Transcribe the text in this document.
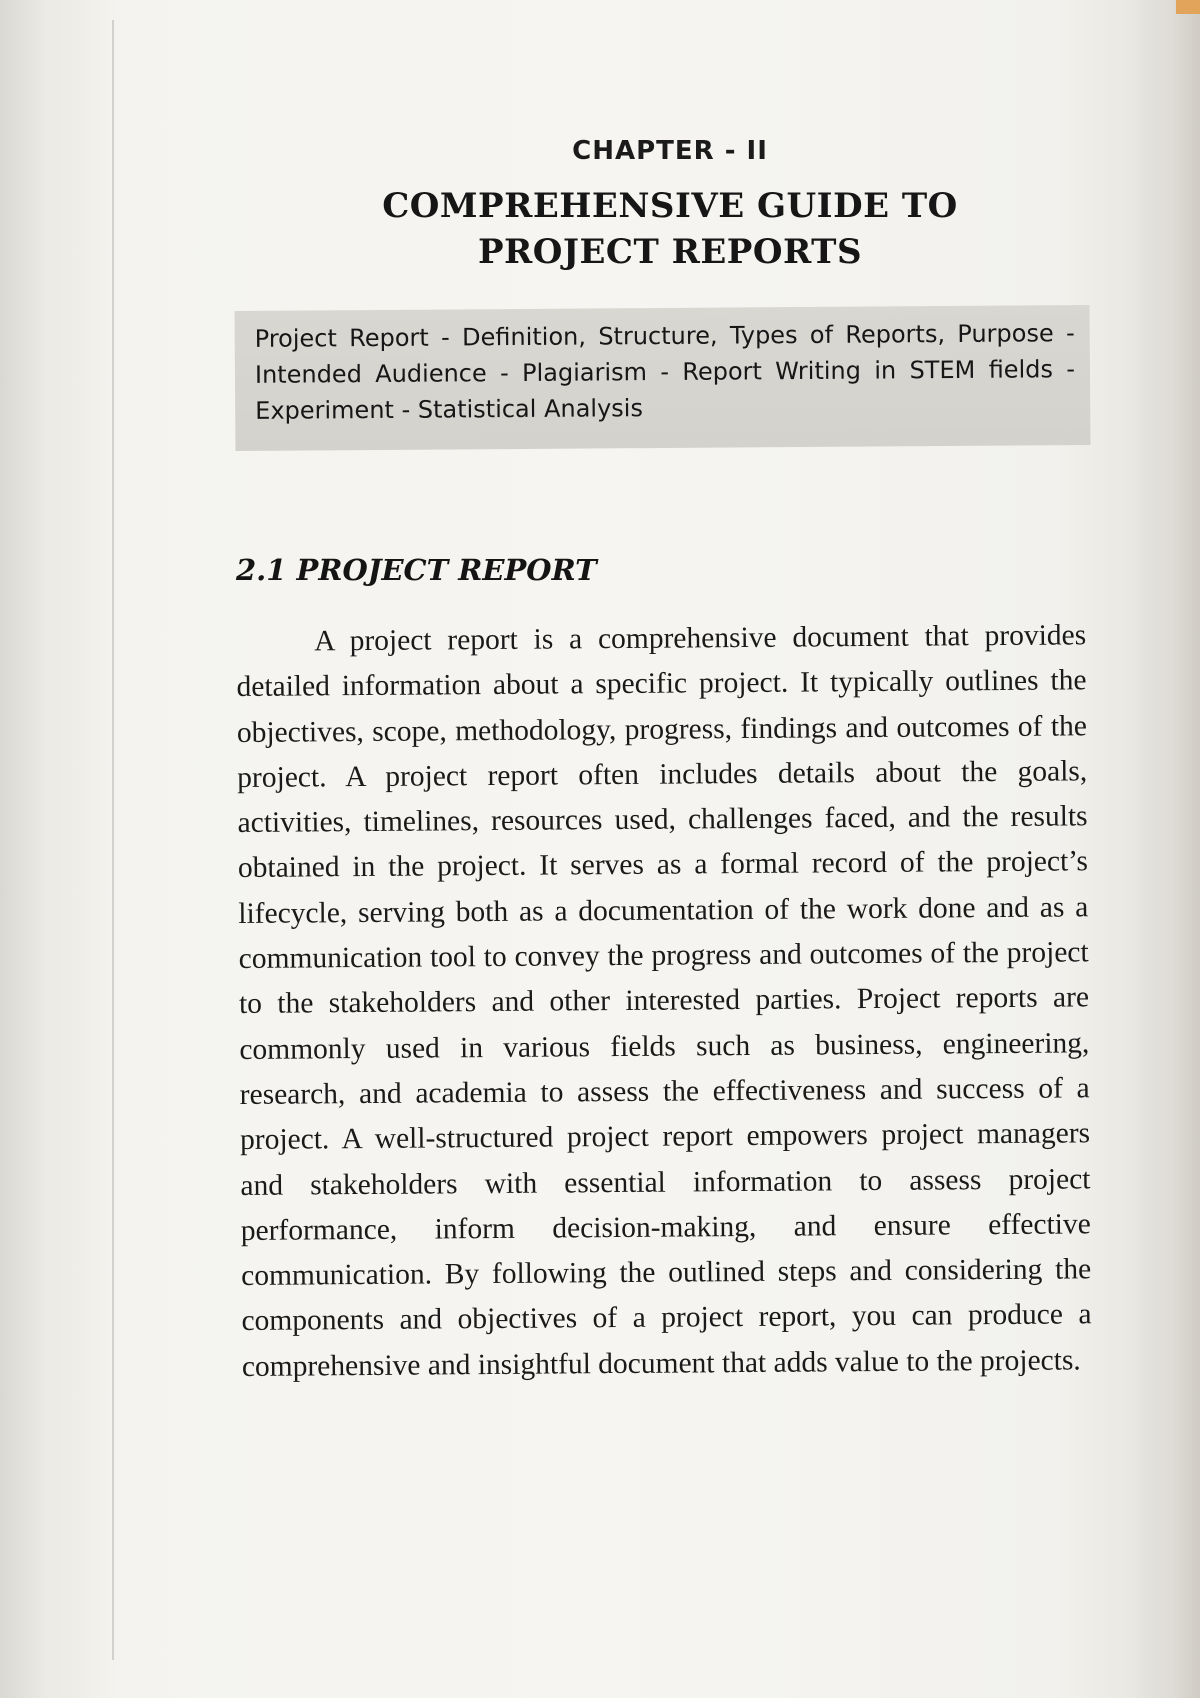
CHAPTER - II
COMPREHENSIVE GUIDE TO
PROJECT REPORTS
Project Report - Definition, Structure, Types of Reports, Purpose - Intended Audience - Plagiarism - Report Writing in STEM fields - Experiment - Statistical Analysis
2.1 PROJECT REPORT

A project report is a comprehensive document that provides detailed information about a specific project. It typically outlines the objectives, scope, methodology, progress, findings and outcomes of the project. A project report often includes details about the goals, activities, timelines, resources used, challenges faced, and the results obtained in the project. It serves as a formal record of the project’s lifecycle, serving both as a documentation of the work done and as a communication tool to convey the progress and outcomes of the project to the stakeholders and other interested parties. Project reports are commonly used in various fields such as business, engineering, research, and academia to assess the effectiveness and success of a project. A well-structured project report empowers project managers and stakeholders with essential information to assess project performance, inform decision-making, and ensure effective communication. By following the outlined steps and considering the components and objectives of a project report, you can produce a comprehensive and insightful document that adds value to the projects.
